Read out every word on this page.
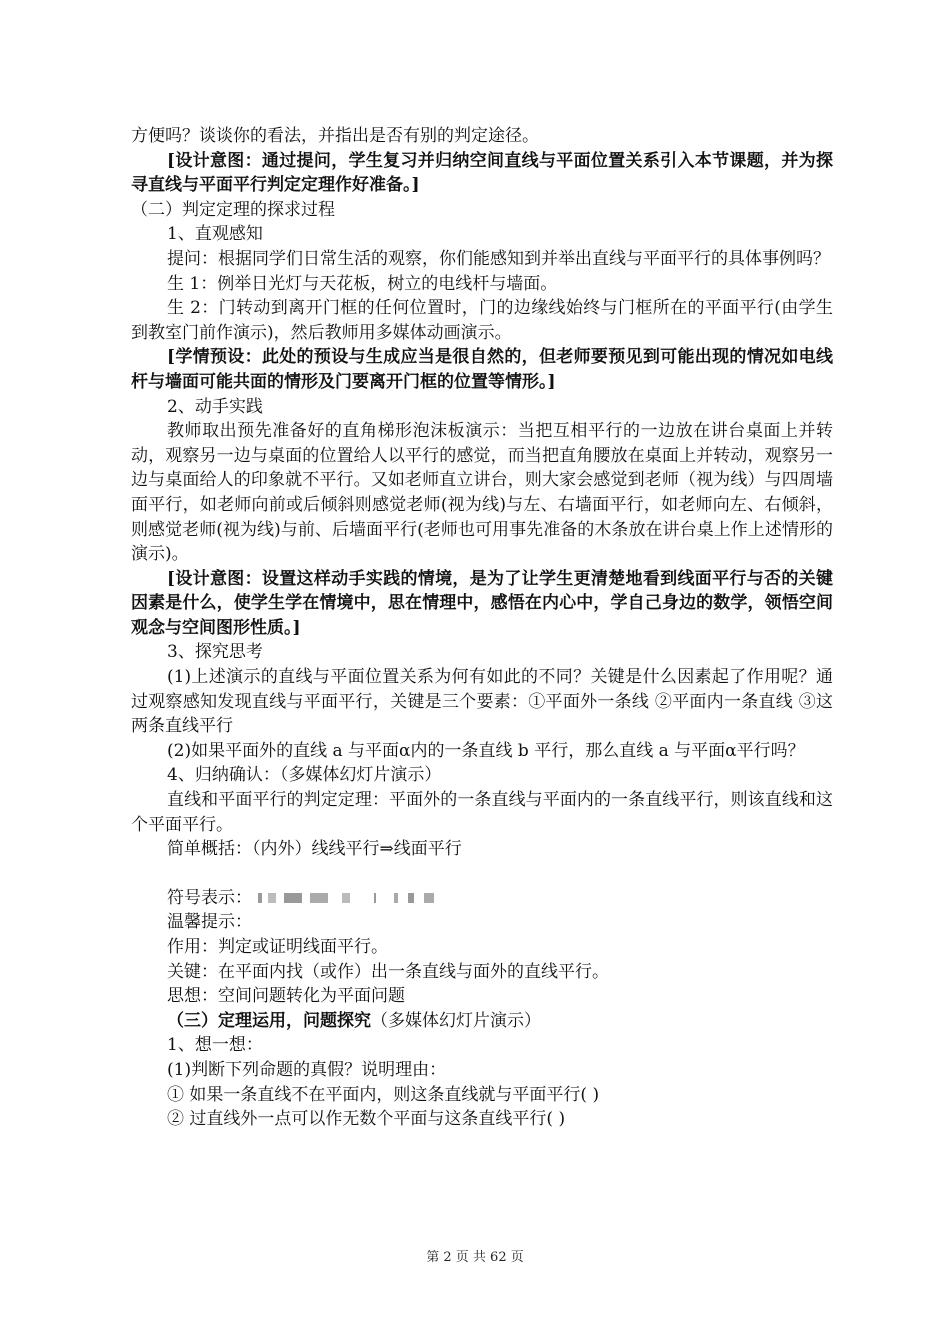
方便吗？谈谈你的看法，并指出是否有别的判定途径。

[设计意图：通过提问，学生复习并归纳空间直线与平面位置关系引入本节课题，并为探寻直线与平面平行判定定理作好准备。]

（二）判定定理的探求过程

1、直观感知

提问：根据同学们日常生活的观察，你们能感知到并举出直线与平面平行的具体事例吗？

生 1：例举日光灯与天花板，树立的电线杆与墙面。

生 2：门转动到离开门框的任何位置时，门的边缘线始终与门框所在的平面平行(由学生到教室门前作演示)，然后教师用多媒体动画演示。

[学情预设：此处的预设与生成应当是很自然的，但老师要预见到可能出现的情况如电线杆与墙面可能共面的情形及门要离开门框的位置等情形。]

2、动手实践

教师取出预先准备好的直角梯形泡沫板演示：当把互相平行的一边放在讲台桌面上并转动，观察另一边与桌面的位置给人以平行的感觉，而当把直角腰放在桌面上并转动，观察另一边与桌面给人的印象就不平行。又如老师直立讲台，则大家会感觉到老师（视为线）与四周墙面平行，如老师向前或后倾斜则感觉老师(视为线)与左、右墙面平行，如老师向左、右倾斜，则感觉老师(视为线)与前、后墙面平行(老师也可用事先准备的木条放在讲台桌上作上述情形的演示)。

[设计意图：设置这样动手实践的情境，是为了让学生更清楚地看到线面平行与否的关键因素是什么，使学生学在情境中，思在情理中，感悟在内心中，学自己身边的数学，领悟空间观念与空间图形性质。]

3、探究思考

(1)上述演示的直线与平面位置关系为何有如此的不同？关键是什么因素起了作用呢？通过观察感知发现直线与平面平行，关键是三个要素：①平面外一条线 ②平面内一条直线 ③这两条直线平行

(2)如果平面外的直线 a 与平面α内的一条直线 b 平行，那么直线 a 与平面α平行吗？

4、归纳确认：（多媒体幻灯片演示）

直线和平面平行的判定定理：平面外的一条直线与平面内的一条直线平行，则该直线和这个平面平行。

简单概括：（内外）线线平行⇒线面平行

符号表示：

温馨提示：

作用：判定或证明线面平行。

关键：在平面内找（或作）出一条直线与面外的直线平行。

思想：空间问题转化为平面问题

（三）定理运用，问题探究（多媒体幻灯片演示）

1、想一想：

(1)判断下列命题的真假？说明理由：

① 如果一条直线不在平面内，则这条直线就与平面平行( )

② 过直线外一点可以作无数个平面与这条直线平行( )

第 2 页 共 62 页
